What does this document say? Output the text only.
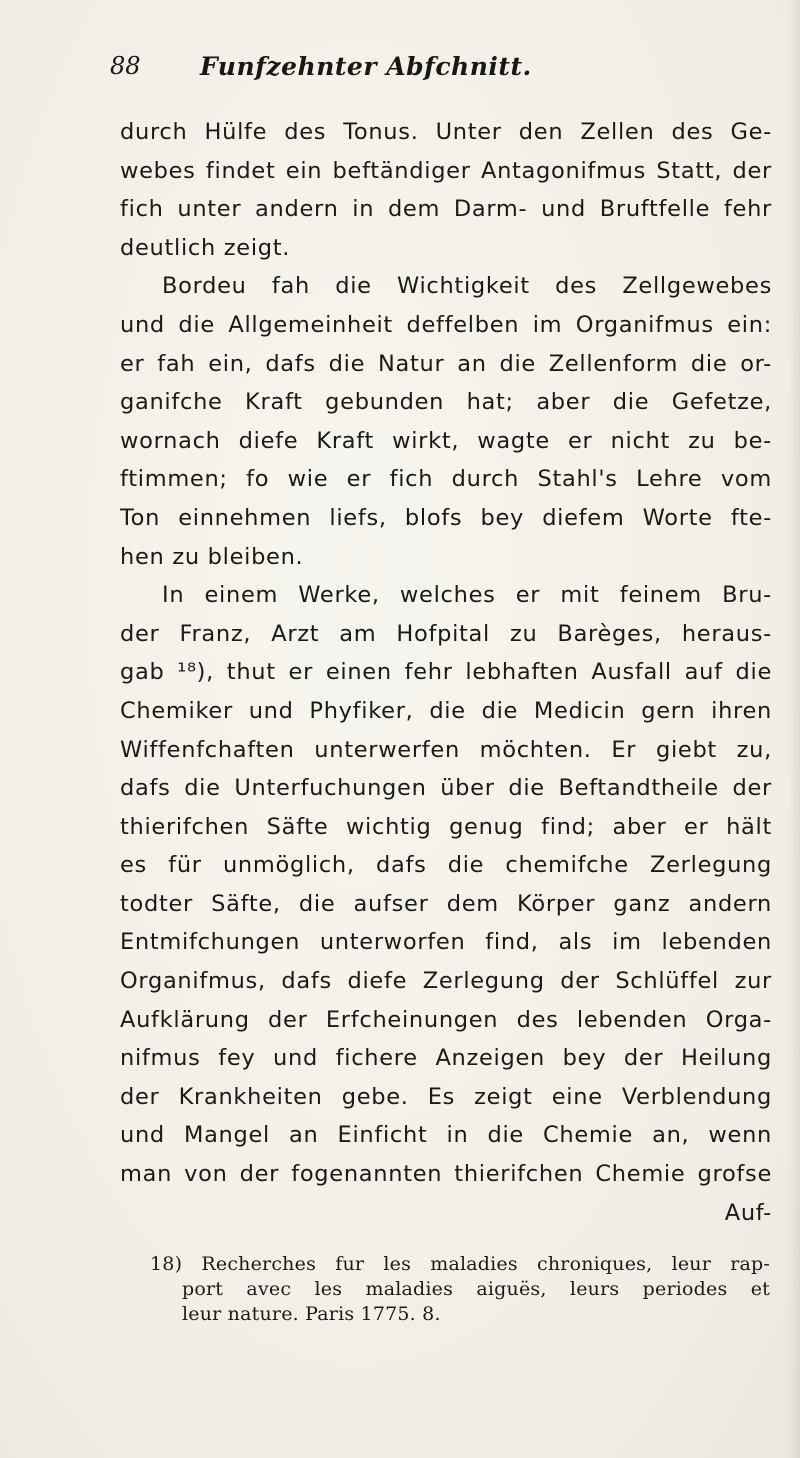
88 Funfzehnter Abfchnitt.
durch Hülfe des Tonus. Unter den Zellen des Ge-
webes findet ein beftändiger Antagonifmus Statt, der
fich unter andern in dem Darm- und Bruftfelle fehr
deutlich zeigt.
Bordeu fah die Wichtigkeit des Zellgewebes
und die Allgemeinheit deffelben im Organifmus ein:
er fah ein, dafs die Natur an die Zellenform die or-
ganifche Kraft gebunden hat; aber die Gefetze,
wornach diefe Kraft wirkt, wagte er nicht zu be-
ftimmen; fo wie er fich durch Stahl's Lehre vom
Ton einnehmen liefs, blofs bey diefem Worte fte-
hen zu bleiben.
In einem Werke, welches er mit feinem Bru-
der Franz, Arzt am Hofpital zu Barèges, heraus-
gab ¹⁸), thut er einen fehr lebhaften Ausfall auf die
Chemiker und Phyfiker, die die Medicin gern ihren
Wiffenfchaften unterwerfen möchten. Er giebt zu,
dafs die Unterfuchungen über die Beftandtheile der
thierifchen Säfte wichtig genug find; aber er hält
es für unmöglich, dafs die chemifche Zerlegung
todter Säfte, die aufser dem Körper ganz andern
Entmifchungen unterworfen find, als im lebenden
Organifmus, dafs diefe Zerlegung der Schlüffel zur
Aufklärung der Erfcheinungen des lebenden Orga-
nifmus fey und fichere Anzeigen bey der Heilung
der Krankheiten gebe. Es zeigt eine Verblendung
und Mangel an Einficht in die Chemie an, wenn
man von der fogenannten thierifchen Chemie grofse
Auf-
18) Recherches fur les maladies chroniques, leur rap-
port avec les maladies aiguës, leurs periodes et
leur nature. Paris 1775. 8.
